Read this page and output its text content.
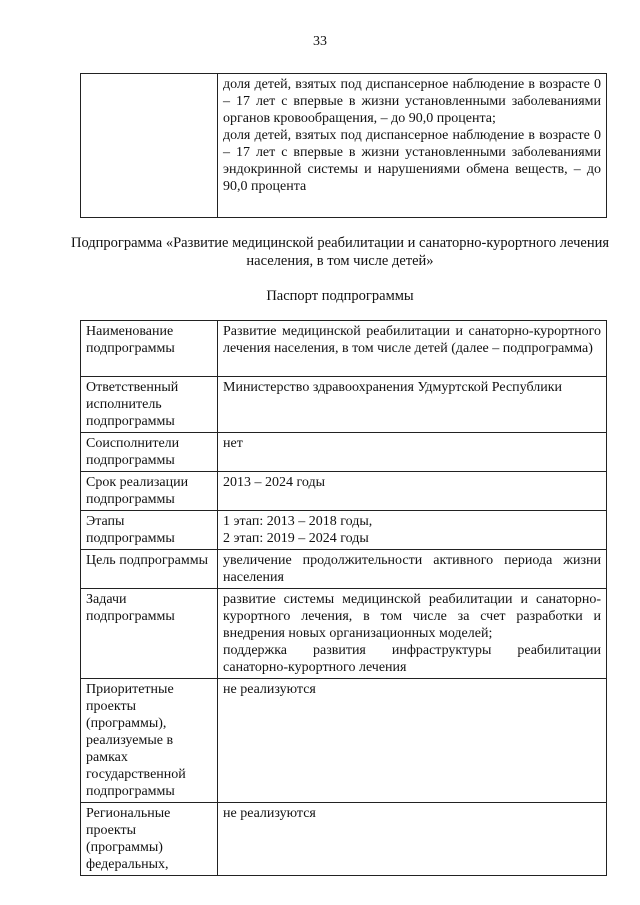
33

доля детей, взятых под диспансерное наблюдение в возрасте 0 – 17 лет с впервые в жизни установленными заболеваниями органов кровообращения, – до 90,0 процента;
доля детей, взятых под диспансерное наблюдение в возрасте 0 – 17 лет с впервые в жизни установленными заболеваниями эндокринной системы и нарушениями обмена веществ, – до 90,0 процента
Подпрограмма «Развитие медицинской реабилитации и санаторно-курортного лечения населения, в том числе детей»
Паспорт подпрограммы
Наименование подпрограммы	Развитие медицинской реабилитации и санаторно-курортного лечения населения, в том числе детей (далее – подпрограмма)

Ответственный исполнитель подпрограммы	Министерство здравоохранения Удмуртской Республики

Соисполнители подпрограммы	нет

Срок реализации подпрограммы	2013 – 2024 годы

Этапы подпрограммы	1 этап: 2013 – 2018 годы,
2 этап: 2019 – 2024 годы

Цель подпрограммы	увеличение продолжительности активного периода жизни населения

Задачи подпрограммы	развитие системы медицинской реабилитации и санаторно-курортного лечения, в том числе за счет разработки и внедрения новых организационных моделей;
поддержка развития инфраструктуры реабилитации санаторно-курортного лечения

Приоритетные проекты (программы), реализуемые в рамках государственной подпрограммы	не реализуются

Региональные проекты (программы) федеральных,	не реализуются
